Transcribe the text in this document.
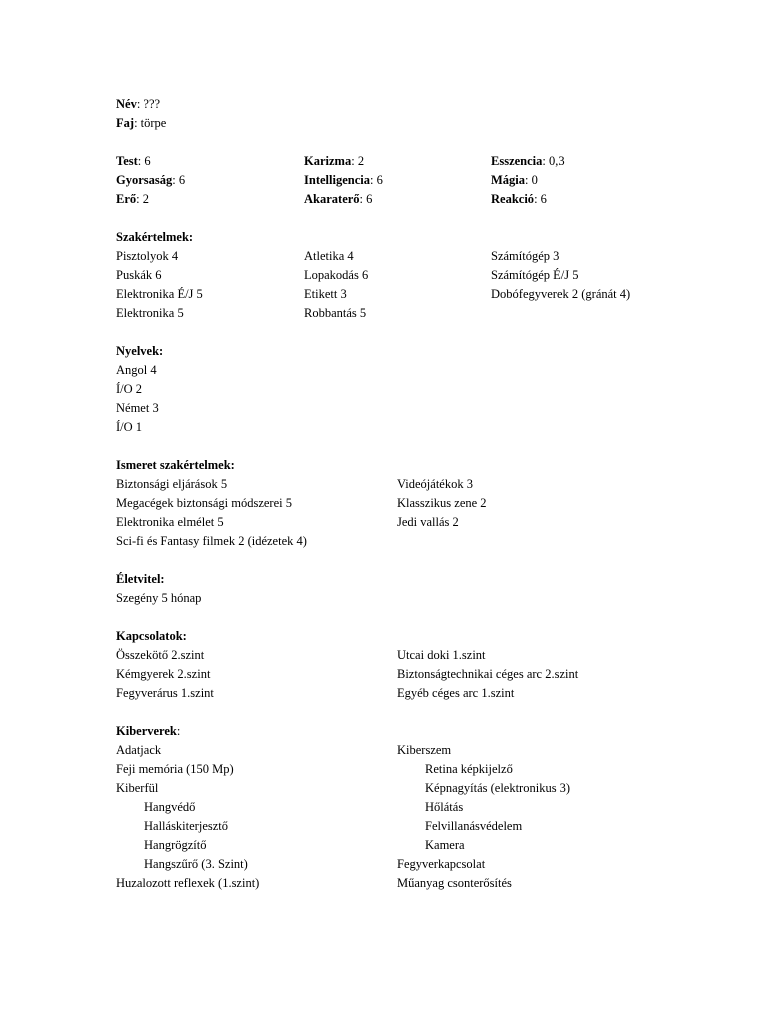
Név: ???
Faj: törpe
Test: 6	Karizma: 2	Esszencia: 0,3
Gyorsaság: 6	Intelligencia: 6	Mágia: 0
Erő: 2	Akaraterő: 6	Reakció: 6
Szakértelmek:
Pisztolyok 4	Atletika 4	Számítógép 3
Puskák 6	Lopakodás 6	Számítógép É/J 5
Elektronika É/J 5	Etikett 3	Dobófegyverek 2 (gránát 4)
Elektronika 5	Robbantás 5
Nyelvek:
Angol 4
Í/O 2
Német 3
Í/O 1
Ismeret szakértelmek:
Biztonsági eljárások 5	Videójátékok 3
Megacégek biztonsági módszerei 5	Klasszikus zene 2
Elektronika elmélet 5	Jedi vallás 2
Sci-fi és Fantasy filmek 2 (idézetek 4)
Életvitel:
Szegény 5 hónap
Kapcsolatok:
Összekötő 2.szint	Utcai doki 1.szint
Kémgyerek 2.szint	Biztonságtechnikai céges arc 2.szint
Fegyverárus 1.szint	Egyéb céges arc 1.szint
Kiberverek:
Adatjack	Kiberszem
Feji memória (150 Mp)	Retina képkijelző
Kiberfül	Képnagyítás (elektronikus 3)
Hangvédő	Hőlátás
Halláskiterjesztő	Felvillanásvédelem
Hangrögzítő	Kamera
Hangszűrő (3. Szint)	Fegyverkapcsolat
Huzalozott reflexek (1.szint)	Műanyag csonterősítés
